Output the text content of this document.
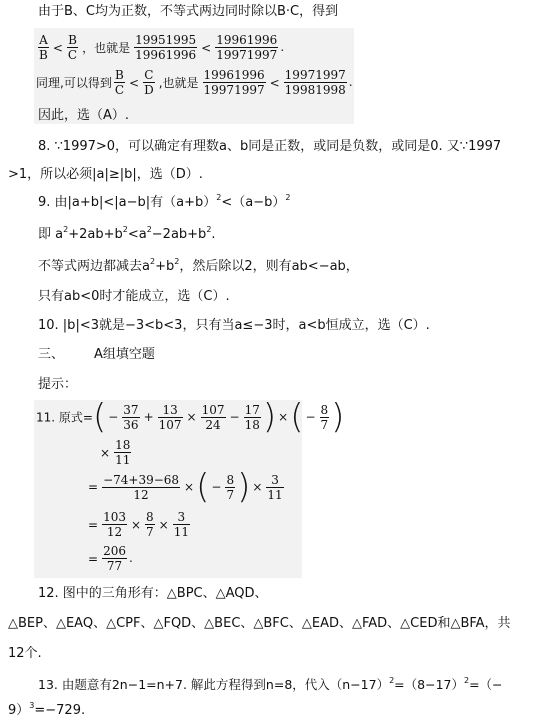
由于B、C均为正数，不等式两边同时除以B·C，得到
$\frac{A}{B} < \frac{B}{C}$ ，也就是 $\frac{19951995}{19961996} < \frac{19961996}{19971997}$ .
同理,可以得到 $\frac{B}{C} < \frac{C}{D}$ ,也就是 $\frac{19961996}{19971997} < \frac{19971997}{19981998}$ .
因此，选（A）.
8. ∵1997>0，可以确定有理数a、b同是正数，或同是负数，或同是0. 又∵1997
>1，所以必须|a|≥|b|，选（D）.
9. 由|a+b|<|a−b|有$(a+b)^2<(a-b)^2$
即 $a^2+2ab+b^2<a^2-2ab+b^2$.
不等式两边都减去$a^2+b^2$，然后除以2，则有ab<−ab，
只有ab<0时才能成立，选（C）.
10. |b|<3就是−3<b<3，只有当a≤−3时，a<b恒成立，选（C）.
三、 A组填空题
提示：
11. 原式=( − $\frac{37}{36} + \frac{13}{107} \times \frac{107}{24} - \frac{17}{18}$ ) ×( − $\frac{8}{7}$ )
× $\frac{18}{11}$
= $\frac{-74+39-68}{12}$ ×( − $\frac{8}{7}$ ) × $\frac{3}{11}$
= $\frac{103}{12} \times \frac{8}{7} \times \frac{3}{11}$
= $\frac{206}{77}$ .
12. 图中的三角形有：△BPC、△AQD、
△BEP、△EAQ、△CPF、△FQD、△BEC、△BFC、△EAD、△FAD、△CED和△BFA，共
12个.
13. 由题意有2n−1=n+7. 解此方程得到n=8，代入$(n-17)^2=(8-17)^2=(-$
9）$^3$=−729.
